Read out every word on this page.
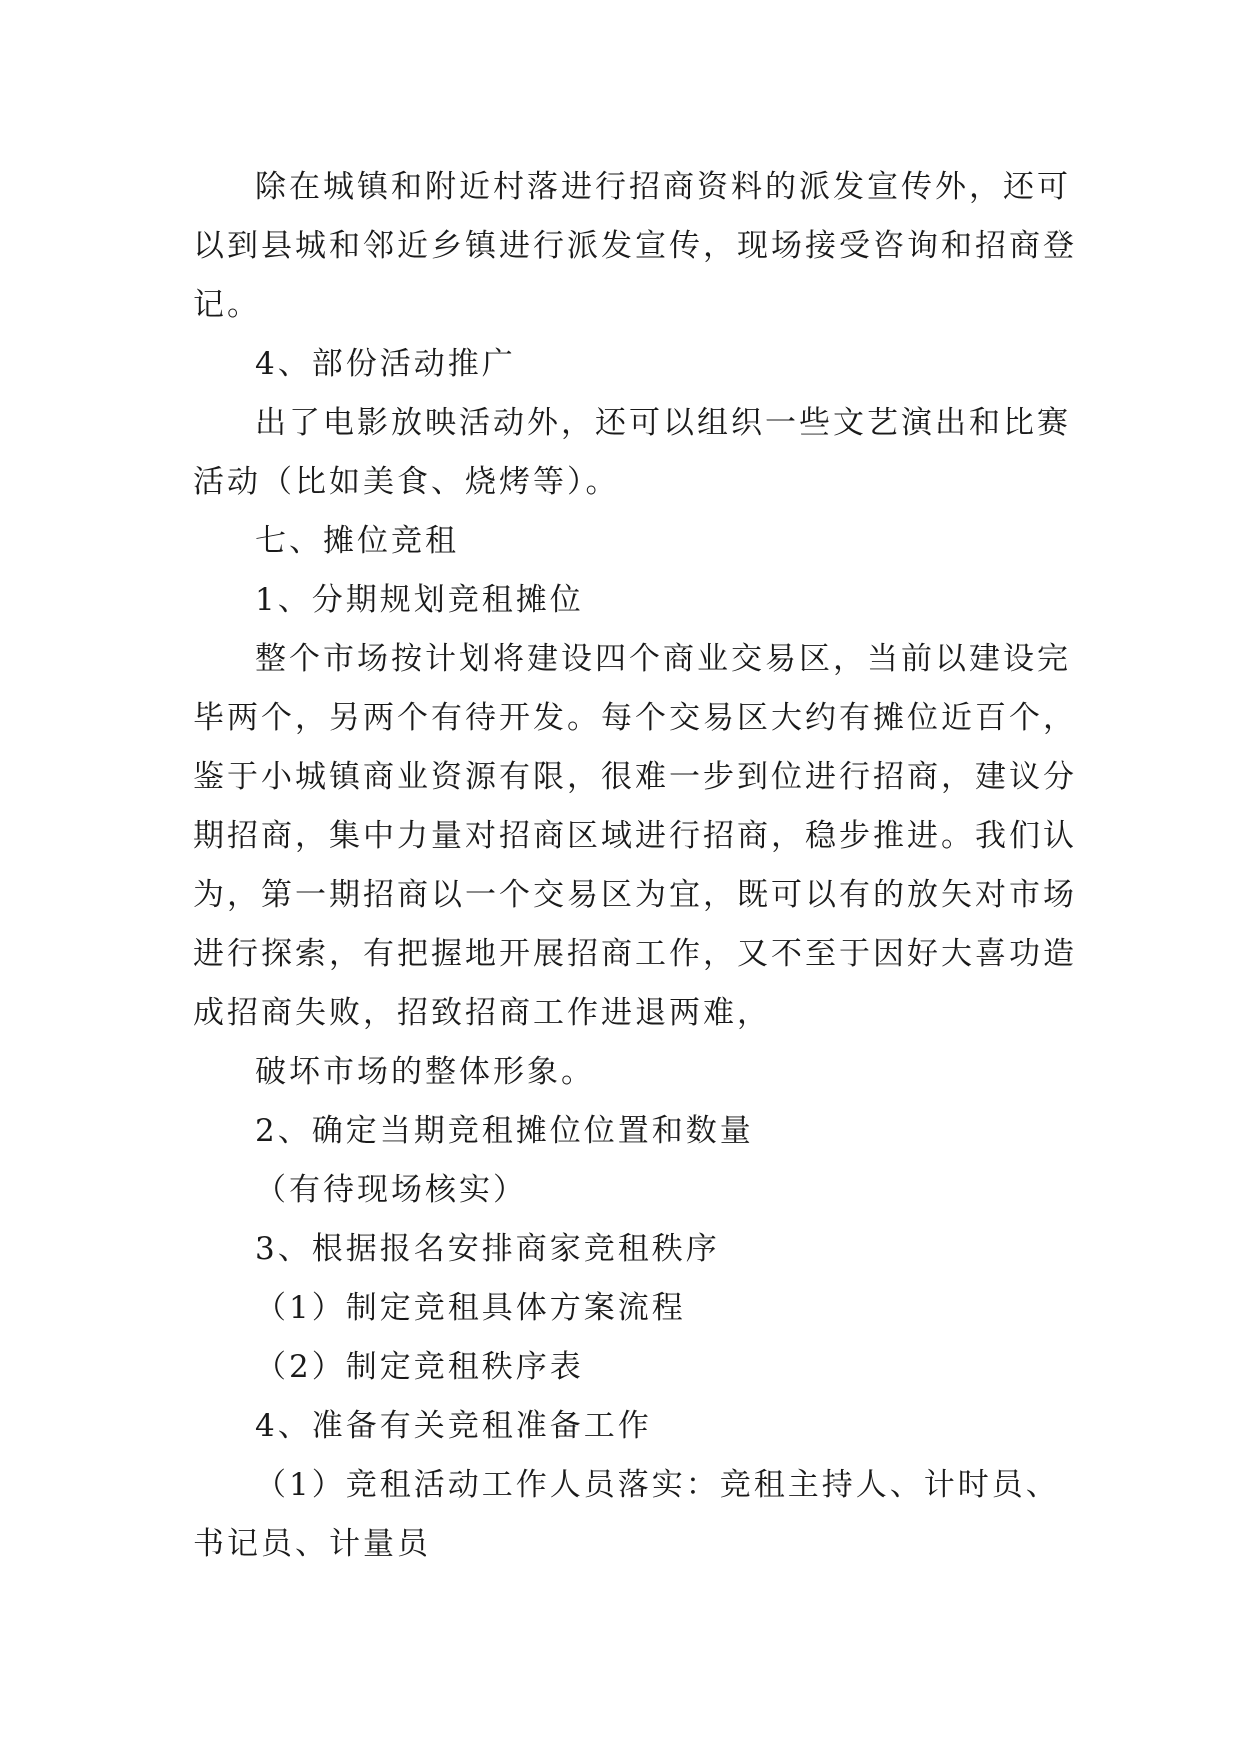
除在城镇和附近村落进行招商资料的派发宣传外，还可
以到县城和邻近乡镇进行派发宣传，现场接受咨询和招商登
记。
4、部份活动推广
出了电影放映活动外，还可以组织一些文艺演出和比赛
活动（比如美食、烧烤等）。
七、摊位竞租
1、分期规划竞租摊位
整个市场按计划将建设四个商业交易区，当前以建设完
毕两个，另两个有待开发。每个交易区大约有摊位近百个，
鉴于小城镇商业资源有限，很难一步到位进行招商，建议分
期招商，集中力量对招商区域进行招商，稳步推进。我们认
为，第一期招商以一个交易区为宜，既可以有的放矢对市场
进行探索，有把握地开展招商工作，又不至于因好大喜功造
成招商失败，招致招商工作进退两难，
破坏市场的整体形象。
2、确定当期竞租摊位位置和数量
（有待现场核实）
3、根据报名安排商家竞租秩序
（1）制定竞租具体方案流程
（2）制定竞租秩序表
4、准备有关竞租准备工作
（1）竞租活动工作人员落实：竞租主持人、计时员、
书记员、计量员
